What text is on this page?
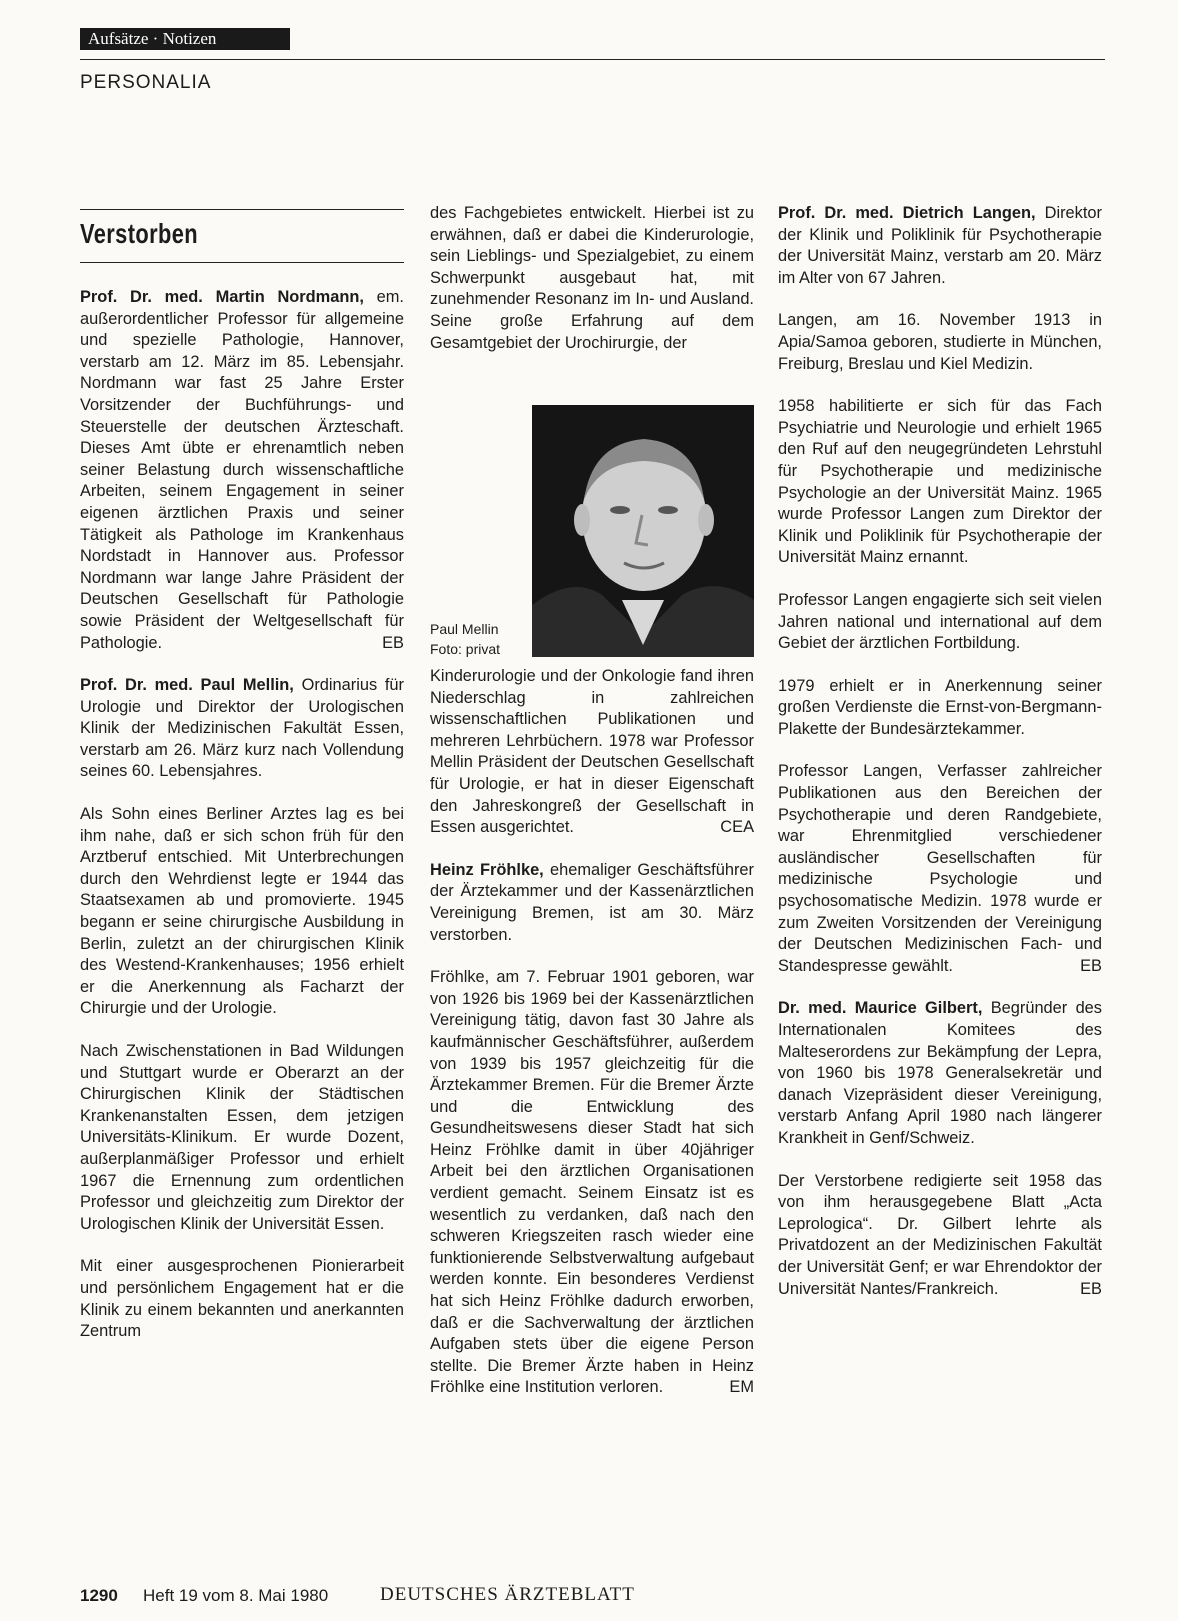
Aufsätze · Notizen
PERSONALIA
Verstorben

Prof. Dr. med. Martin Nordmann, em. außerordentlicher Professor für allgemeine und spezielle Pathologie, Hannover, verstarb am 12. März im 85. Lebensjahr. Nordmann war fast 25 Jahre Erster Vorsitzender der Buchführungs- und Steuerstelle der deutschen Ärzteschaft. Dieses Amt übte er ehrenamtlich neben seiner Belastung durch wissenschaftliche Arbeiten, seinem Engagement in seiner eigenen ärztlichen Praxis und seiner Tätigkeit als Pathologe im Krankenhaus Nordstadt in Hannover aus. Professor Nordmann war lange Jahre Präsident der Deutschen Gesellschaft für Pathologie sowie Präsident der Weltgesellschaft für Pathologie.	EB

Prof. Dr. med. Paul Mellin, Ordinarius für Urologie und Direktor der Urologischen Klinik der Medizinischen Fakultät Essen, verstarb am 26. März kurz nach Vollendung seines 60. Lebensjahres.

Als Sohn eines Berliner Arztes lag es bei ihm nahe, daß er sich schon früh für den Arztberuf entschied. Mit Unterbrechungen durch den Wehrdienst legte er 1944 das Staatsexamen ab und promovierte. 1945 begann er seine chirurgische Ausbildung in Berlin, zuletzt an der chirurgischen Klinik des Westend-Krankenhauses; 1956 erhielt er die Anerkennung als Facharzt der Chirurgie und der Urologie.

Nach Zwischenstationen in Bad Wildungen und Stuttgart wurde er Oberarzt an der Chirurgischen Klinik der Städtischen Krankenanstalten Essen, dem jetzigen Universitäts-Klinikum. Er wurde Dozent, außerplanmäßiger Professor und erhielt 1967 die Ernennung zum ordentlichen Professor und gleichzeitig zum Direktor der Urologischen Klinik der Universität Essen.

Mit einer ausgesprochenen Pionierarbeit und persönlichem Engagement hat er die Klinik zu einem bekannten und anerkannten Zentrum

des Fachgebietes entwickelt. Hierbei ist zu erwähnen, daß er dabei die Kinderurologie, sein Lieblings- und Spezialgebiet, zu einem Schwerpunkt ausgebaut hat, mit zunehmender Resonanz im In- und Ausland. Seine große Erfahrung auf dem Gesamtgebiet der Urochirurgie, der

Paul Mellin
Foto: privat

Kinderurologie und der Onkologie fand ihren Niederschlag in zahlreichen wissenschaftlichen Publikationen und mehreren Lehrbüchern. 1978 war Professor Mellin Präsident der Deutschen Gesellschaft für Urologie, er hat in dieser Eigenschaft den Jahreskongreß der Gesellschaft in Essen ausgerichtet.	CEA

Heinz Fröhlke, ehemaliger Geschäftsführer der Ärztekammer und der Kassenärztlichen Vereinigung Bremen, ist am 30. März verstorben.

Fröhlke, am 7. Februar 1901 geboren, war von 1926 bis 1969 bei der Kassenärztlichen Vereinigung tätig, davon fast 30 Jahre als kaufmännischer Geschäftsführer, außerdem von 1939 bis 1957 gleichzeitig für die Ärztekammer Bremen. Für die Bremer Ärzte und die Entwicklung des Gesundheitswesens dieser Stadt hat sich Heinz Fröhlke damit in über 40jähriger Arbeit bei den ärztlichen Organisationen verdient gemacht. Seinem Einsatz ist es wesentlich zu verdanken, daß nach den schweren Kriegszeiten rasch wieder eine funktionierende Selbstverwaltung aufgebaut werden konnte. Ein besonderes Verdienst hat sich Heinz Fröhlke dadurch erworben, daß er die Sachverwaltung der ärztlichen Aufgaben stets über die eigene Person stellte. Die Bremer Ärzte haben in Heinz Fröhlke eine Institution verloren.	EM

Prof. Dr. med. Dietrich Langen, Direktor der Klinik und Poliklinik für Psychotherapie der Universität Mainz, verstarb am 20. März im Alter von 67 Jahren.

Langen, am 16. November 1913 in Apia/Samoa geboren, studierte in München, Freiburg, Breslau und Kiel Medizin.

1958 habilitierte er sich für das Fach Psychiatrie und Neurologie und erhielt 1965 den Ruf auf den neugegründeten Lehrstuhl für Psychotherapie und medizinische Psychologie an der Universität Mainz. 1965 wurde Professor Langen zum Direktor der Klinik und Poliklinik für Psychotherapie der Universität Mainz ernannt.

Professor Langen engagierte sich seit vielen Jahren national und international auf dem Gebiet der ärztlichen Fortbildung.

1979 erhielt er in Anerkennung seiner großen Verdienste die Ernst-von-Bergmann-Plakette der Bundesärztekammer.

Professor Langen, Verfasser zahlreicher Publikationen aus den Bereichen der Psychotherapie und deren Randgebiete, war Ehrenmitglied verschiedener ausländischer Gesellschaften für medizinische Psychologie und psychosomatische Medizin. 1978 wurde er zum Zweiten Vorsitzenden der Vereinigung der Deutschen Medizinischen Fach- und Standespresse gewählt.	EB

Dr. med. Maurice Gilbert, Begründer des Internationalen Komitees des Malteserordens zur Bekämpfung der Lepra, von 1960 bis 1978 Generalsekretär und danach Vizepräsident dieser Vereinigung, verstarb Anfang April 1980 nach längerer Krankheit in Genf/Schweiz.

Der Verstorbene redigierte seit 1958 das von ihm herausgegebene Blatt „Acta Leprologica“. Dr. Gilbert lehrte als Privatdozent an der Medizinischen Fakultät der Universität Genf; er war Ehrendoktor der Universität Nantes/Frankreich.	EB

1290 Heft 19 vom 8. Mai 1980	DEUTSCHES ÄRZTEBLATT
